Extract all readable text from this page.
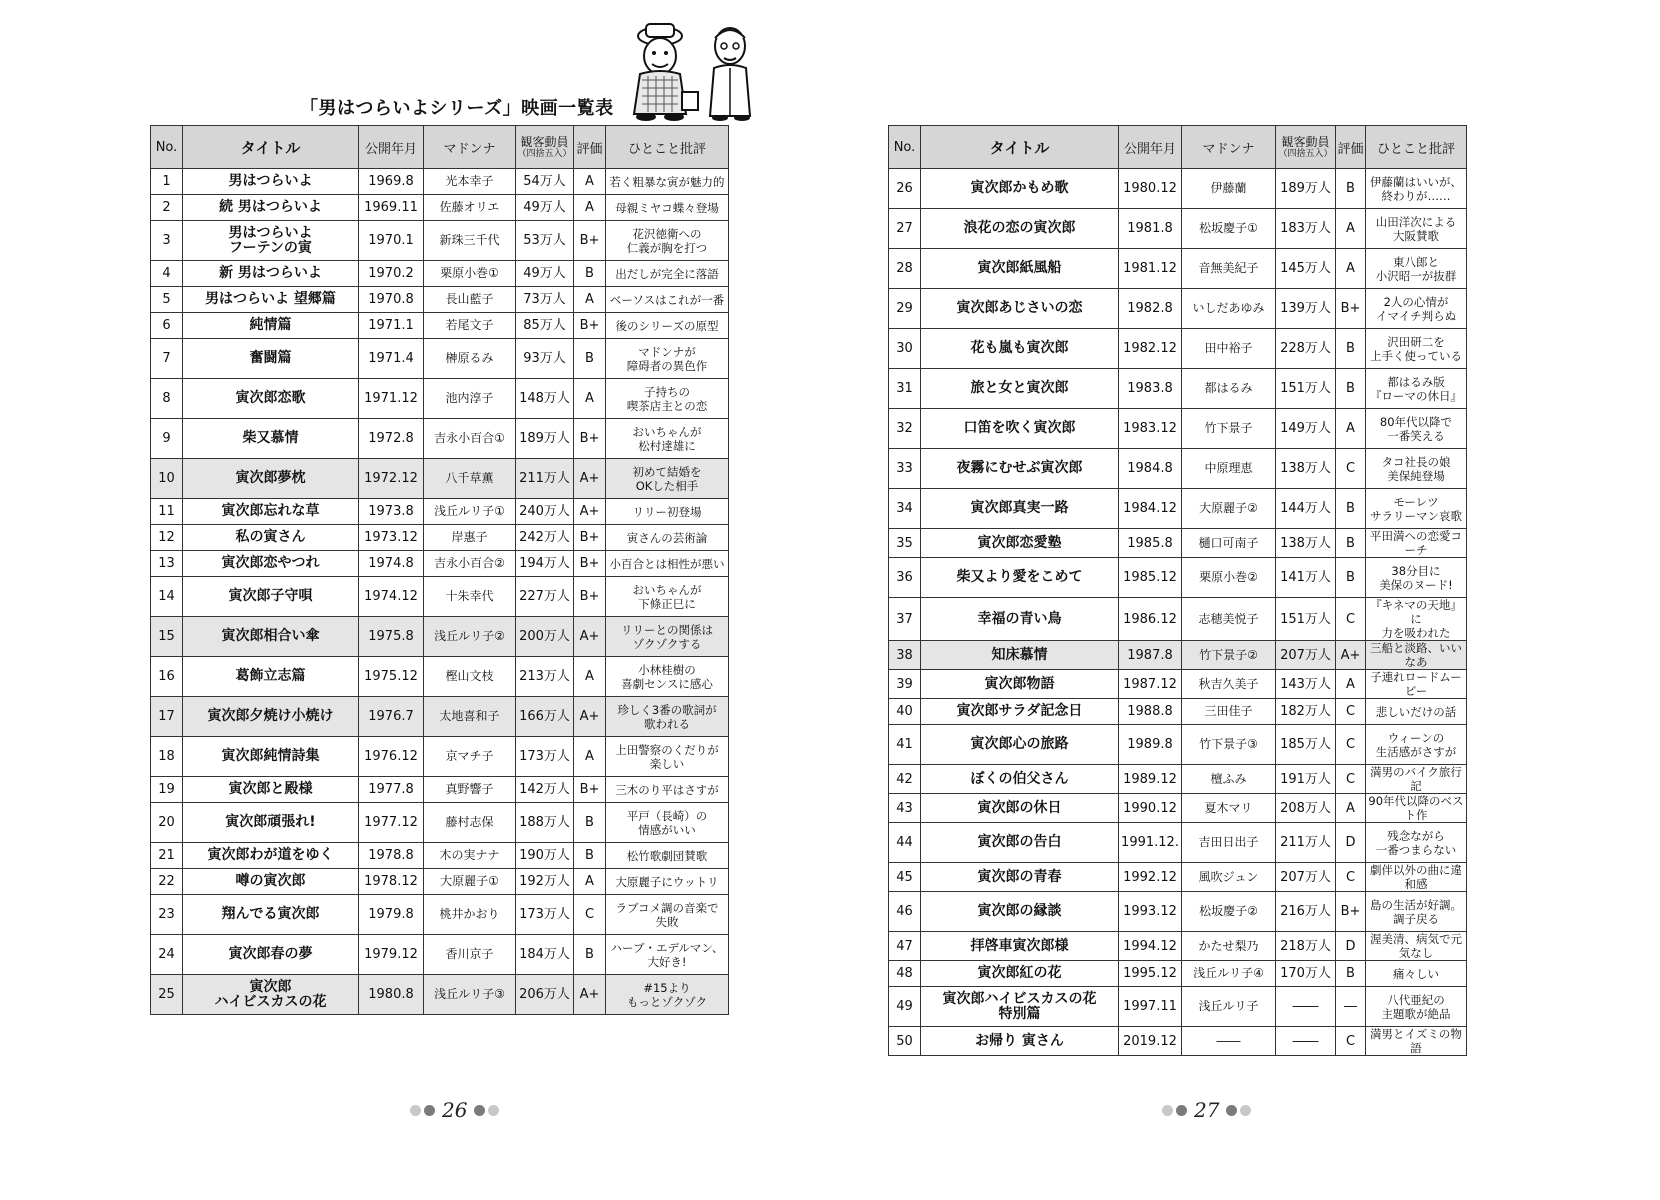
「男はつらいよシリーズ」映画一覧表
No.	タイトル	公開年月	マドンナ	観客動員
（四捨五入）	評価	ひとこと批評
1	男はつらいよ	1969.8	光本幸子	54万人	A	若く粗暴な寅が魅力的
2	続 男はつらいよ	1969.11	佐藤オリエ	49万人	A	母親ミヤコ蝶々登場
3	男はつらいよ
フーテンの寅	1970.1	新珠三千代	53万人	B+	花沢徳衛への
仁義が胸を打つ
4	新 男はつらいよ	1970.2	栗原小巻①	49万人	B	出だしが完全に落語
5	男はつらいよ 望郷篇	1970.8	長山藍子	73万人	A	ベーソスはこれが一番
6	純情篇	1971.1	若尾文子	85万人	B+	後のシリーズの原型
7	奮闘篇	1971.4	榊原るみ	93万人	B	マドンナが
障碍者の異色作
8	寅次郎恋歌	1971.12	池内淳子	148万人	A	子持ちの
喫茶店主との恋
9	柴又慕情	1972.8	吉永小百合①	189万人	B+	おいちゃんが
松村達雄に
10	寅次郎夢枕	1972.12	八千草薫	211万人	A+	初めて結婚を
OKした相手
11	寅次郎忘れな草	1973.8	浅丘ルリ子①	240万人	A+	リリー初登場
12	私の寅さん	1973.12	岸惠子	242万人	B+	寅さんの芸術論
13	寅次郎恋やつれ	1974.8	吉永小百合②	194万人	B+	小百合とは相性が悪い
14	寅次郎子守唄	1974.12	十朱幸代	227万人	B+	おいちゃんが
下條正巳に
15	寅次郎相合い傘	1975.8	浅丘ルリ子②	200万人	A+	リリーとの関係は
ゾクゾクする
16	葛飾立志篇	1975.12	樫山文枝	213万人	A	小林桂樹の
喜劇センスに感心
17	寅次郎夕焼け小焼け	1976.7	太地喜和子	166万人	A+	珍しく3番の歌詞が
歌われる
18	寅次郎純情詩集	1976.12	京マチ子	173万人	A	上田警察のくだりが
楽しい
19	寅次郎と殿様	1977.8	真野響子	142万人	B+	三木のり平はさすが
20	寅次郎頑張れ!	1977.12	藤村志保	188万人	B	平戸（長崎）の
情感がいい
21	寅次郎わが道をゆく	1978.8	木の実ナナ	190万人	B	松竹歌劇団賛歌
22	噂の寅次郎	1978.12	大原麗子①	192万人	A	大原麗子にウットリ
23	翔んでる寅次郎	1979.8	桃井かおり	173万人	C	ラブコメ調の音楽で
失敗
24	寅次郎春の夢	1979.12	香川京子	184万人	B	ハーブ・エデルマン、
大好き!
25	寅次郎
ハイビスカスの花	1980.8	浅丘ルリ子③	206万人	A+	#15より
もっとゾクゾク
No.	タイトル	公開年月	マドンナ	観客動員
（四捨五入）	評価	ひとこと批評
26	寅次郎かもめ歌	1980.12	伊藤蘭	189万人	B	伊藤蘭はいいが、
終わりが……
27	浪花の恋の寅次郎	1981.8	松坂慶子①	183万人	A	山田洋次による
大阪賛歌
28	寅次郎紙風船	1981.12	音無美紀子	145万人	A	東八郎と
小沢昭一が抜群
29	寅次郎あじさいの恋	1982.8	いしだあゆみ	139万人	B+	2人の心情が
イマイチ判らぬ
30	花も嵐も寅次郎	1982.12	田中裕子	228万人	B	沢田研二を
上手く使っている
31	旅と女と寅次郎	1983.8	都はるみ	151万人	B	都はるみ版
『ローマの休日』
32	口笛を吹く寅次郎	1983.12	竹下景子	149万人	A	80年代以降で
一番笑える
33	夜霧にむせぶ寅次郎	1984.8	中原理恵	138万人	C	タコ社長の娘
美保純登場
34	寅次郎真実一路	1984.12	大原麗子②	144万人	B	モーレツ
サラリーマン哀歌
35	寅次郎恋愛塾	1985.8	樋口可南子	138万人	B	平田満への恋愛コーチ
36	柴又より愛をこめて	1985.12	栗原小巻②	141万人	B	38分目に
美保のヌード!
37	幸福の青い鳥	1986.12	志穂美悦子	151万人	C	『キネマの天地』に
力を吸われた
38	知床慕情	1987.8	竹下景子②	207万人	A+	三船と淡路、いいなあ
39	寅次郎物語	1987.12	秋吉久美子	143万人	A	子連れロードムービー
40	寅次郎サラダ記念日	1988.8	三田佳子	182万人	C	悲しいだけの話
41	寅次郎心の旅路	1989.8	竹下景子③	185万人	C	ウィーンの
生活感がさすが
42	ぼくの伯父さん	1989.12	檀ふみ	191万人	C	満男のバイク旅行記
43	寅次郎の休日	1990.12	夏木マリ	208万人	A	90年代以降のベスト作
44	寅次郎の告白	1991.12.	吉田日出子	211万人	D	残念ながら
一番つまらない
45	寅次郎の青春	1992.12	風吹ジュン	207万人	C	劇伴以外の曲に違和感
46	寅次郎の縁談	1993.12	松坂慶子②	216万人	B+	島の生活が好調。
調子戻る
47	拝啓車寅次郎様	1994.12	かたせ梨乃	218万人	D	渥美清、病気で元気なし
48	寅次郎紅の花	1995.12	浅丘ルリ子④	170万人	B	痛々しい
49	寅次郎ハイビスカスの花
特別篇	1997.11	浅丘ルリ子	――	―	八代亜紀の
主題歌が絶品
50	お帰り 寅さん	2019.12	――	――	C	満男とイズミの物語
26	27
